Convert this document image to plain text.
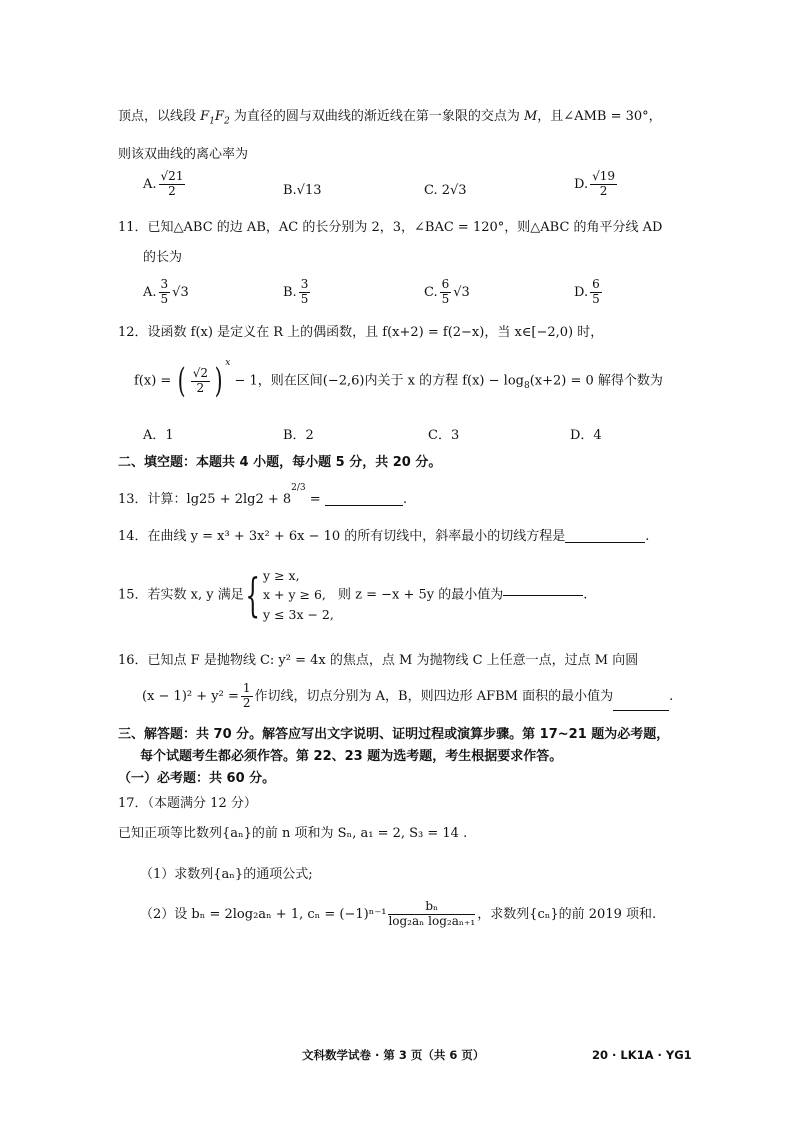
顶点，以线段 $F_1F_2$ 为直径的圆与双曲线的渐近线在第一象限的交点为 M，且∠AMB = 30°，
则该双曲线的离心率为
A. $\frac{√21}{2}$	B.√13	C. 2√3	D. $\frac{√19}{2}$
11．已知△ABC 的边 AB，AC 的长分别为 2，3，∠BAC = 120°，则△ABC 的角平分线 AD
的长为
A. $\frac{3}{5} √3$	B. $\frac{3}{5}$	C. $\frac{6}{5} √3$	D. $\frac{6}{5}$
12．设函数 f(x) 是定义在 R 上的偶函数，且 f(x+2) = f(2−x)，当 x∈[−2,0) 时，
f(x) = ( $\frac{√2}{2}$ ) $^x$ − 1，则在区间(−2,6)内关于 x 的方程 $f(x) - \log_8(x+2) = 0$ 解得个数为
A．1	B．2	C．3	D．4
二、填空题：本题共 4 小题，每小题 5 分，共 20 分。
13．计算：$\lg 25 + 2\lg 2 + 8^{2/3}$ =	.
14．在曲线 y = x³ + 3x² + 6x − 10 的所有切线中，斜率最小的切线方程是	.
15．若实数 x, y 满足{ y ≥ x,
x + y ≥ 6,
y ≤ 3x − 2,
则 z = −x + 5y 的最小值为	.
16．已知点 F 是抛物线 C: y² = 4x 的焦点，点 M 为抛物线 C 上任意一点，过点 M 向圆
$(x - 1)^2 + y^2 = \frac{1}{2}$ 作切线，切点分别为 A，B，则四边形 AFBM 面积的最小值为	.
三、解答题：共 70 分。解答应写出文字说明、证明过程或演算步骤。第 17~21 题为必考题，
每个试题考生都必须作答。第 22、23 题为选考题，考生根据要求作答。
（一）必考题：共 60 分。
17．（本题满分 12 分）
已知正项等比数列{aₙ}的前 n 项和为 Sₙ, a₁ = 2, S₃ = 14 .
（1）求数列{aₙ}的通项公式;
（2）设 bₙ = 2log₂aₙ + 1, $c_n = (-1)^{n-1} \frac{\text{bₙ}}{\text{log₂aₙ log₂aₙ₊₁}}$ ，求数列{cₙ}的前 2019 项和.
文科数学试卷 · 第 3 页（共 6 页）	20 · LK1A · YG1
